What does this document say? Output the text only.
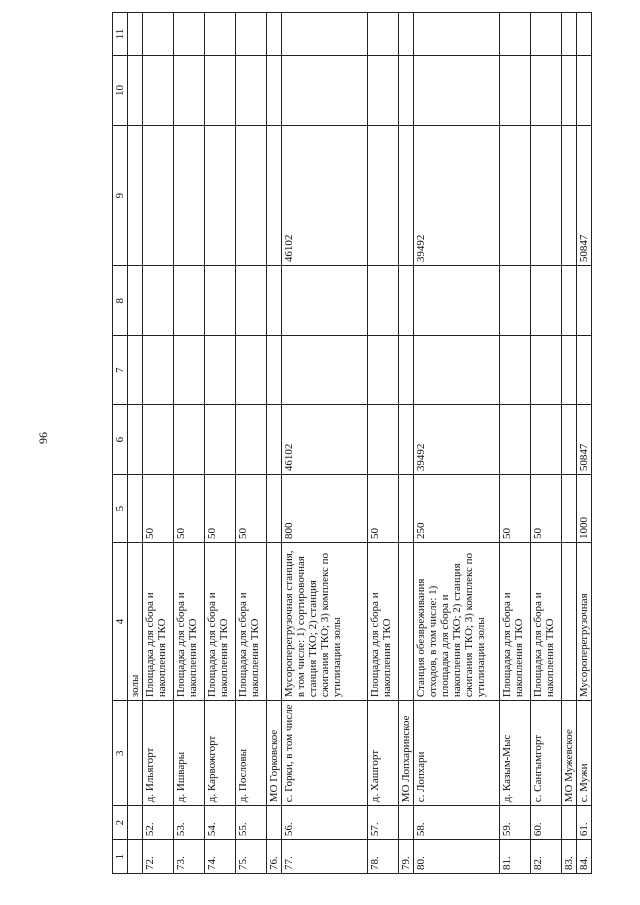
96
1	2	3	4	5	6	7	8	9	10	11
			золы							
72.	52.	д. Ильягорт	Площадка для сбора и накопления ТКО	50						
73.	53.	д. Ишвары	Площадка для сбора и накопления ТКО	50						
74.	54.	д. Карвожгорт	Площадка для сбора и накопления ТКО	50						
75.	55.	д. Пословы	Площадка для сбора и накопления ТКО	50						
76.		МО Горковское								
77.	56.	с. Горки, в том числе	Мусороперегрузочная станция, в том числе: 1) сортировочная станция ТКО; 2) станция сжигания ТКО; 3) комплекс по утилизации золы	800	46102			46102		
78.	57.	д. Хашгорт	Площадка для сбора и накопления ТКО	50						
79.		МО Лопхаринское								
80.	58.	с. Лопхари	Станция обезвреживания отходов, в том числе: 1) площадка для сбора и накопления ТКО; 2) станция сжигания ТКО; 3) комплекс по утилизации золы	250	39492			39492		
81.	59.	д. Казым-Мыс	Площадка для сбора и накопления ТКО	50						
82.	60.	с. Сангымгорт	Площадка для сбора и накопления ТКО	50						
83.		МО Мужевское								
84.	61.	с. Мужи	Мусороперегрузочная	1000	50847			50847		
